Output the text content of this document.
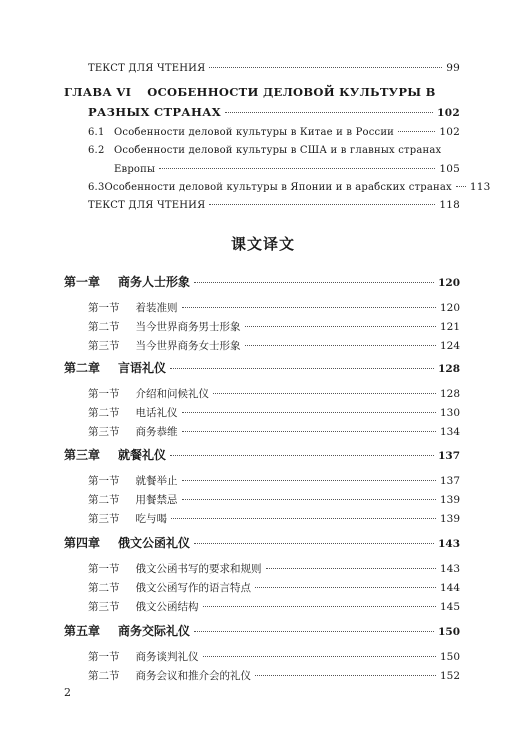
ТЕКСТ ДЛЯ ЧТЕНИЯ	99
ГЛАВА VI ОСОБЕННОСТИ ДЕЛОВОЙ КУЛЬТУРЫ В
РАЗНЫХ СТРАНАХ	102
6.1 Особенности деловой культуры в Китае и в России	102
6.2 Особенности деловой культуры в США и в главных странах
Европы	105
6.3 Особенности деловой культуры в Японии и в арабских странах 113
ТЕКСТ ДЛЯ ЧТЕНИЯ	118
课文译文
第一章 商务人士形象	120
第一节 着装准则	120
第二节 当今世界商务男士形象	121
第三节 当今世界商务女士形象	124
第二章 言语礼仪	128
第一节 介绍和问候礼仪	128
第二节 电话礼仪	130
第三节 商务恭维	134
第三章 就餐礼仪	137
第一节 就餐举止	137
第二节 用餐禁忌	139
第三节 吃与喝	139
第四章 俄文公函礼仪	143
第一节 俄文公函书写的要求和规则	143
第二节 俄文公函写作的语言特点	144
第三节 俄文公函结构	145
第五章 商务交际礼仪	150
第一节 商务谈判礼仪	150
第二节 商务会议和推介会的礼仪	152
2
